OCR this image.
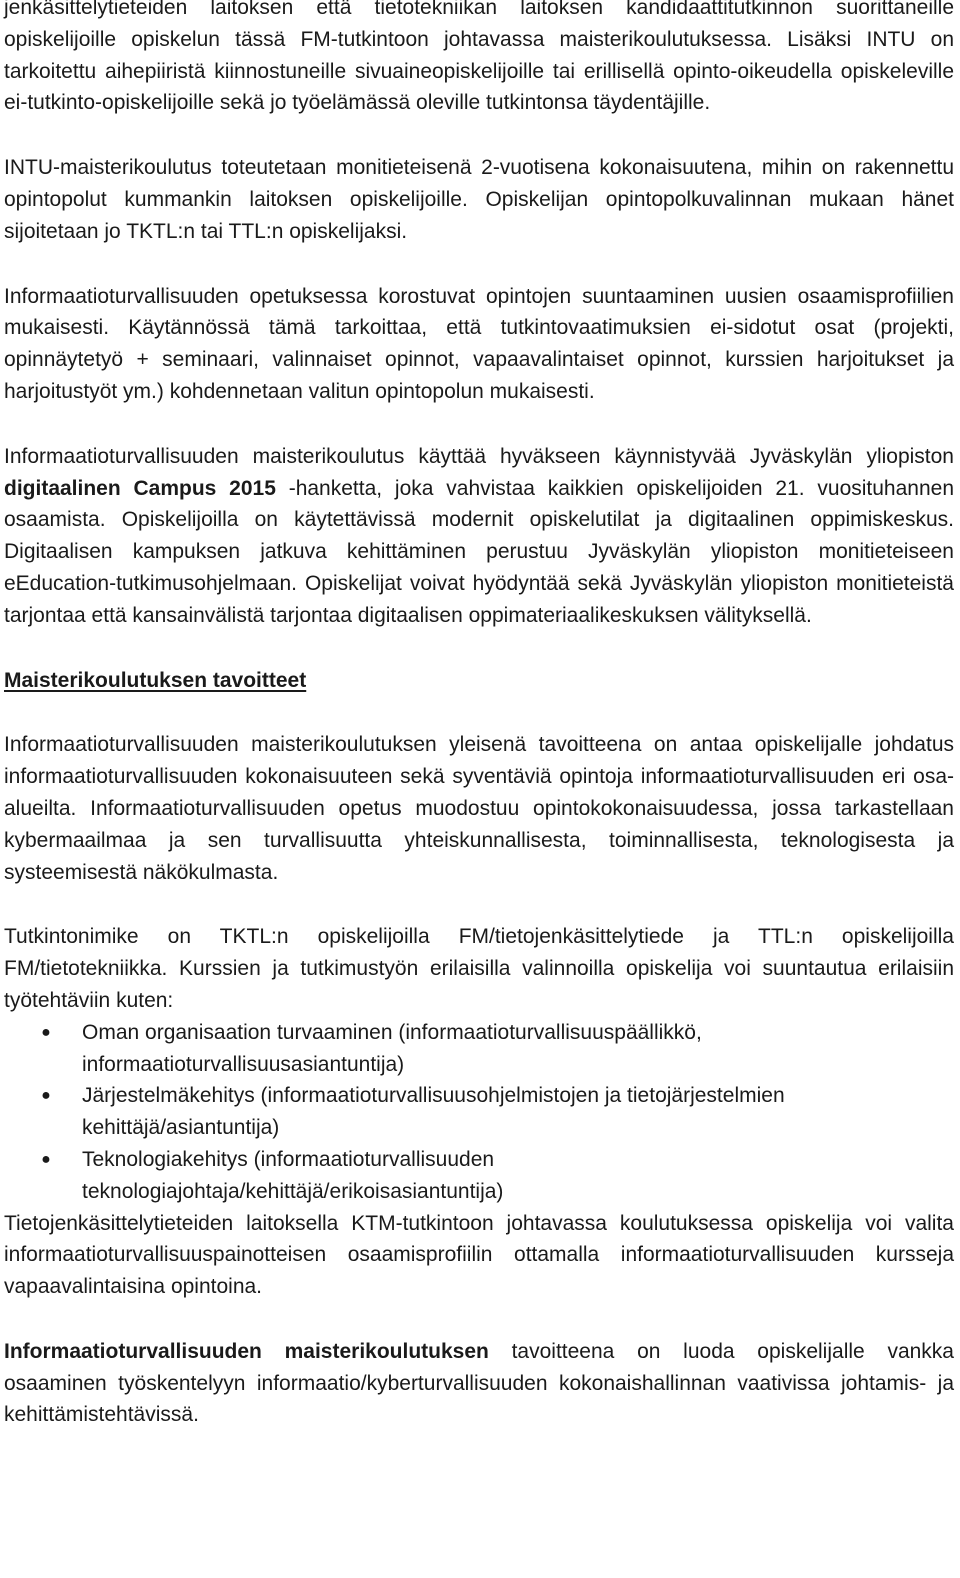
jenkäsittelytieteiden laitoksen että tietotekniikan laitoksen kandidaattitutkinnon suorittaneille opiskelijoille opiskelun tässä FM-tutkintoon johtavassa maisterikoulutuksessa. Lisäksi INTU on tarkoitettu aihepiiristä kiinnostuneille sivuaineopiskelijoille tai erillisellä opinto-oikeudella opiskeleville ei-tutkinto-opiskelijoille sekä jo työelämässä oleville tutkintonsa täydentäjille.

INTU-maisterikoulutus toteutetaan monitieteisenä 2-vuotisena kokonaisuutena, mihin on rakennettu opintopolut kummankin laitoksen opiskelijoille. Opiskelijan opintopolkuvalinnan mukaan hänet sijoitetaan jo TKTL:n tai TTL:n opiskelijaksi.

Informaatioturvallisuuden opetuksessa korostuvat opintojen suuntaaminen uusien osaamisprofiilien mukaisesti. Käytännössä tämä tarkoittaa, että tutkintovaatimuksien ei-sidotut osat (projekti, opinnäytetyö + seminaari, valinnaiset opinnot, vapaavalintaiset opinnot, kurssien harjoitukset ja harjoitustyöt ym.) kohdennetaan valitun opintopolun mukaisesti.

Informaatioturvallisuuden maisterikoulutus käyttää hyväkseen käynnistyvää Jyväskylän yliopiston digitaalinen Campus 2015 -hanketta, joka vahvistaa kaikkien opiskelijoiden 21. vuosituhannen osaamista. Opiskelijoilla on käytettävissä modernit opiskelutilat ja digitaalinen oppimiskeskus. Digitaalisen kampuksen jatkuva kehittäminen perustuu Jyväskylän yliopiston monitieteiseen eEducation-tutkimusohjelmaan. Opiskelijat voivat hyödyntää sekä Jyväskylän yliopiston monitieteistä tarjontaa että kansainvälistä tarjontaa digitaalisen oppimateriaalikeskuksen välityksellä.

Maisterikoulutuksen tavoitteet

Informaatioturvallisuuden maisterikoulutuksen yleisenä tavoitteena on antaa opiskelijalle johdatus informaatioturvallisuuden kokonaisuuteen sekä syventäviä opintoja informaatioturvallisuuden eri osa-alueilta. Informaatioturvallisuuden opetus muodostuu opintokokonaisuudessa, jossa tarkastellaan kybermaailmaa ja sen turvallisuutta yhteiskunnallisesta, toiminnallisesta, teknologisesta ja systeemisestä näkökulmasta.

Tutkintonimike on TKTL:n opiskelijoilla FM/tietojenkäsittelytiede ja TTL:n opiskelijoilla FM/tietotekniikka. Kurssien ja tutkimustyön erilaisilla valinnoilla opiskelija voi suuntautua erilaisiin työtehtäviin kuten:

● Oman organisaation turvaaminen (informaatioturvallisuuspäällikkö, informaatioturvallisuusasiantuntija)
● Järjestelmäkehitys (informaatioturvallisuusohjelmistojen ja tietojärjestelmien kehittäjä/asiantuntija)
● Teknologiakehitys (informaatioturvallisuuden teknologiajohtaja/kehittäjä/erikoisasiantuntija)

Tietojenkäsittelytieteiden laitoksella KTM-tutkintoon johtavassa koulutuksessa opiskelija voi valita informaatioturvallisuuspainotteisen osaamisprofiilin ottamalla informaatioturvallisuuden kursseja vapaavalintaisina opintoina.

Informaatioturvallisuuden maisterikoulutuksen tavoitteena on luoda opiskelijalle vankka osaaminen työskentelyyn informaatio/kyberturvallisuuden kokonaishallinnan vaativissa johtamis- ja kehittämistehtävissä.
